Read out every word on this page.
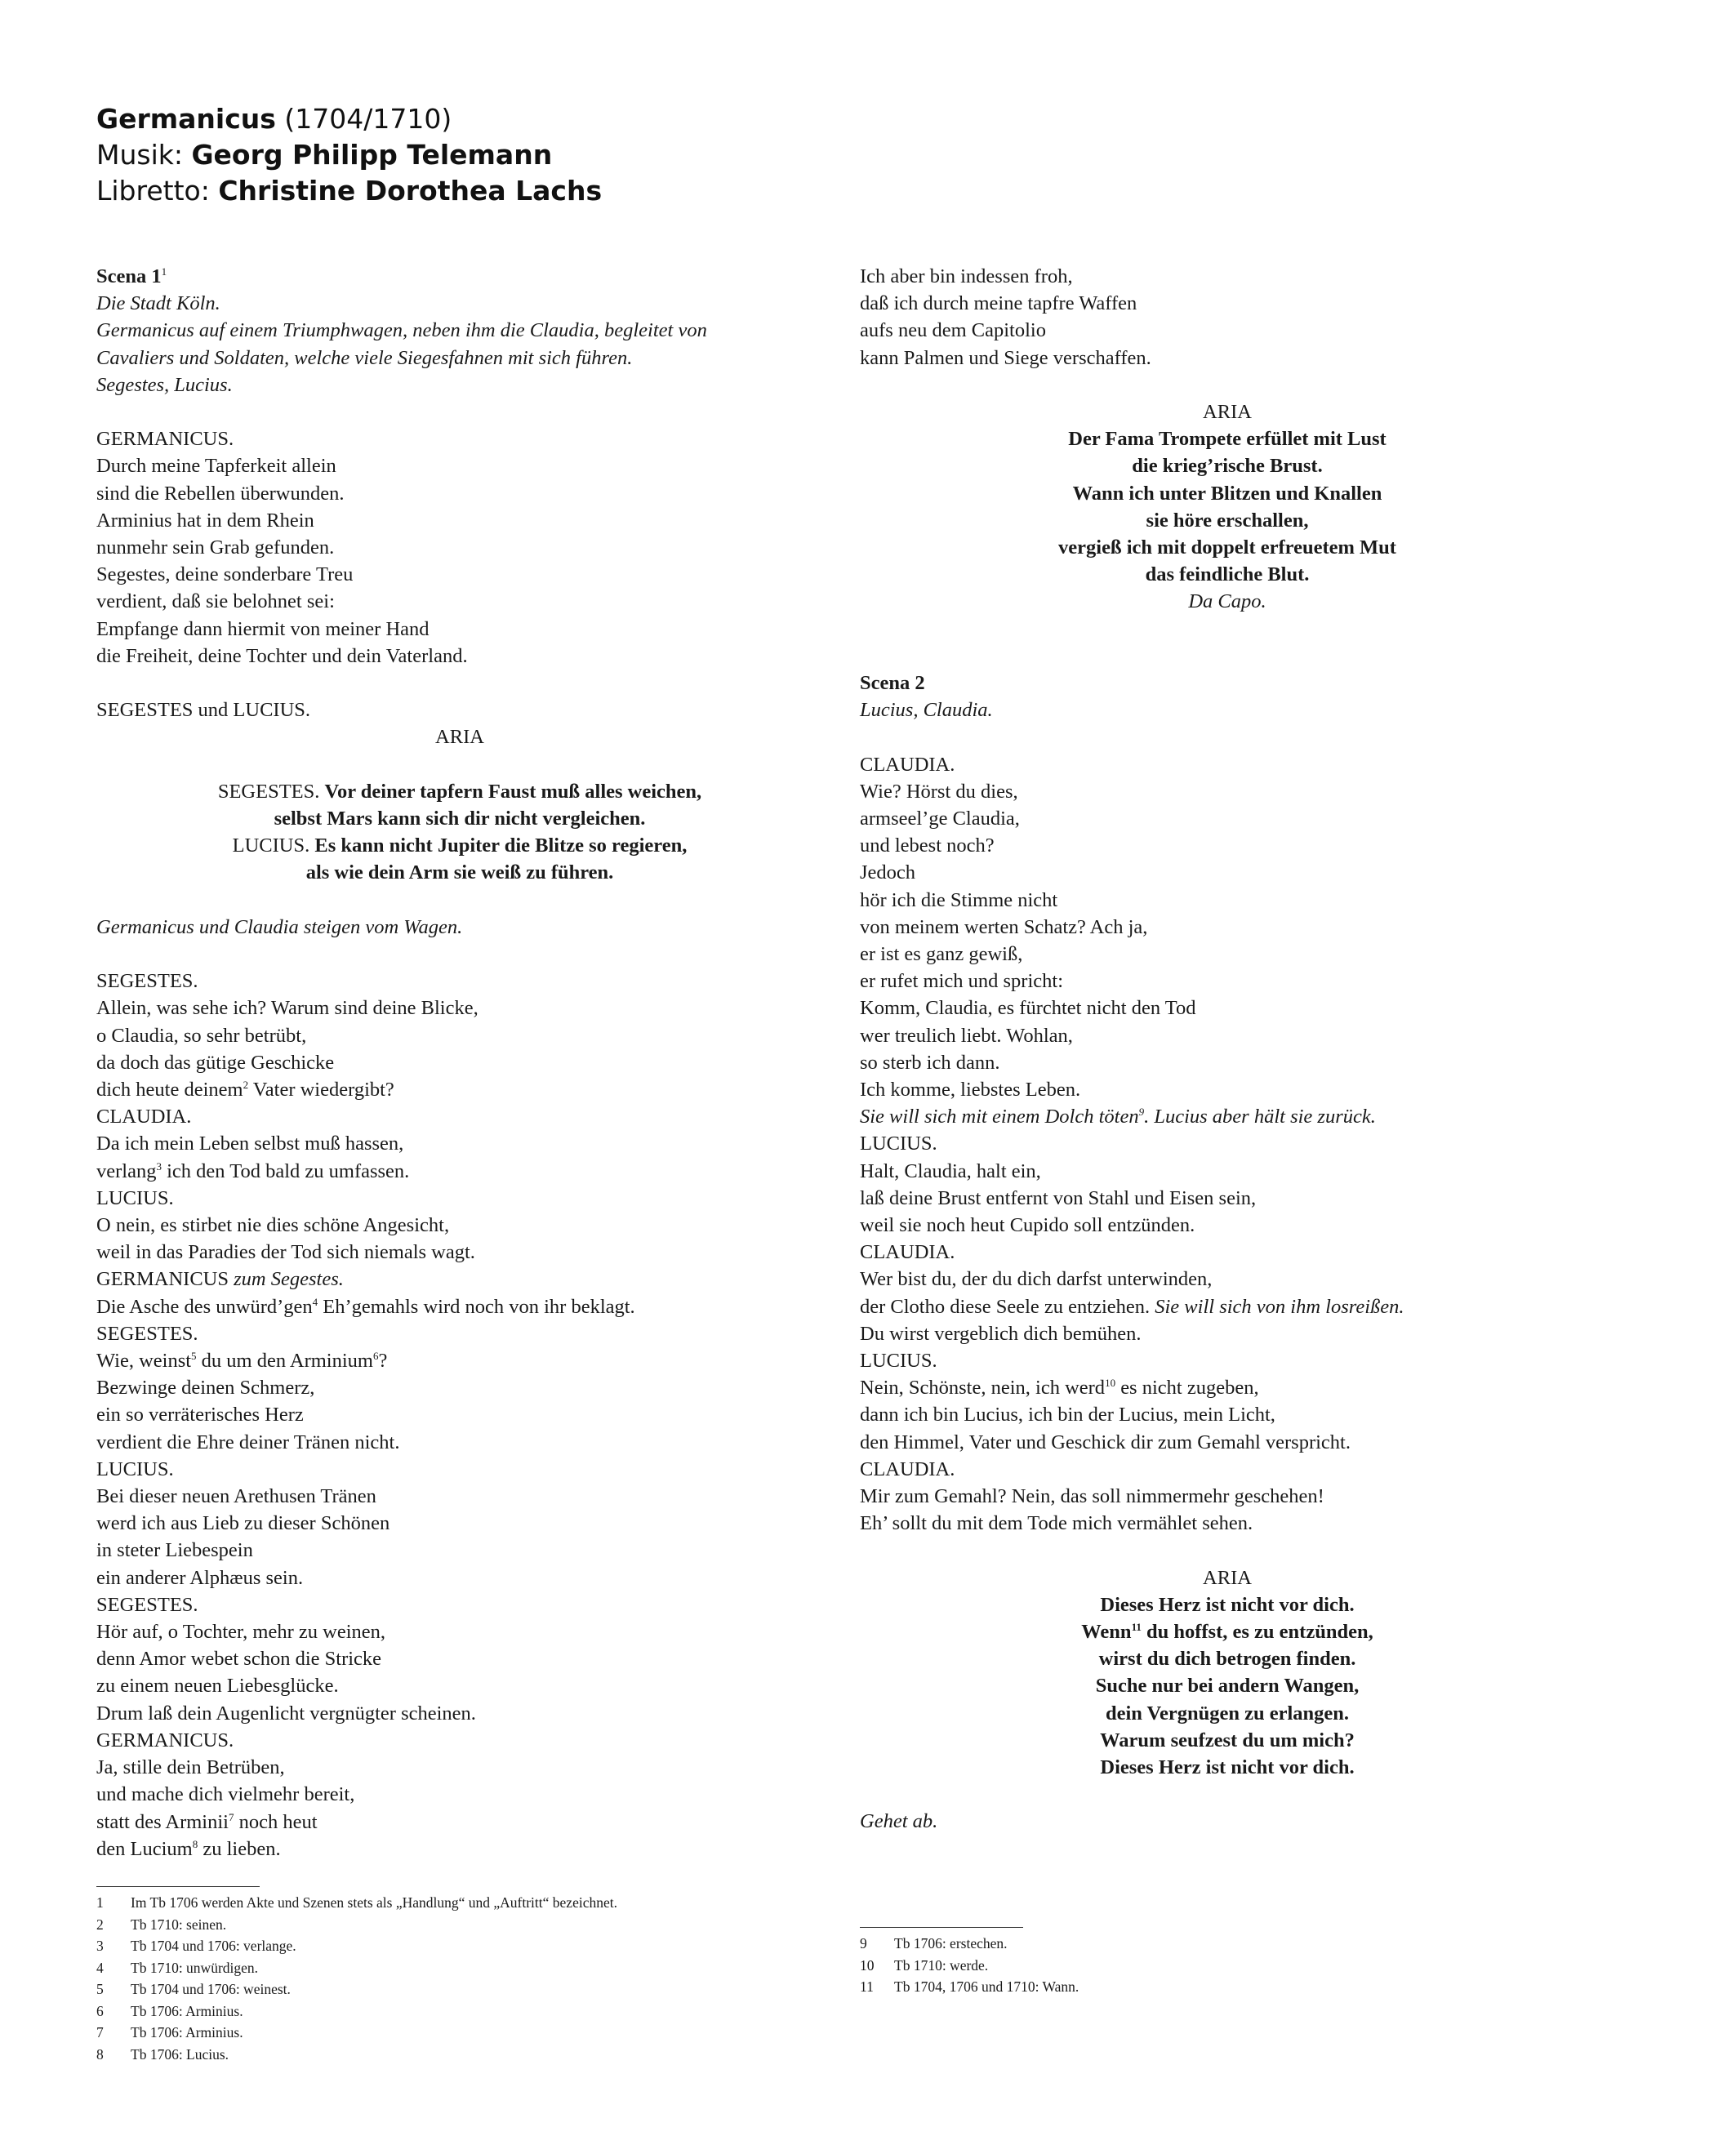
Germanicus (1704/1710)
Musik: Georg Philipp Telemann
Libretto: Christine Dorothea Lachs
Scena $1^1$
Die Stadt Köln.
Germanicus auf einem Triumphwagen, neben ihm die Claudia, begleitet von
Cavaliers und Soldaten, welche viele Siegesfahnen mit sich führen.
Segestes, Lucius.
GERMANICUS.
Durch meine Tapferkeit allein
sind die Rebellen überwunden.
Arminius hat in dem Rhein
nunmehr sein Grab gefunden.
Segestes, deine sonderbare Treu
verdient, daß sie belohnet sei:
Empfange dann hiermit von meiner Hand
die Freiheit, deine Tochter und dein Vaterland.
SEGESTES und LUCIUS.
ARIA
SEGESTES. Vor deiner tapfern Faust muß alles weichen,
selbst Mars kann sich dir nicht vergleichen.
LUCIUS. Es kann nicht Jupiter die Blitze so regieren,
als wie dein Arm sie weiß zu führen.
Germanicus und Claudia steigen vom Wagen.
SEGESTES.
Allein, was sehe ich? Warum sind deine Blicke,
o Claudia, so sehr betrübt,
da doch das gütige Geschicke
dich heute deinem$^2$ Vater wiedergibt?
CLAUDIA.
Da ich mein Leben selbst muß hassen,
verlang$^3$ ich den Tod bald zu umfassen.
LUCIUS.
O nein, es stirbet nie dies schöne Angesicht,
weil in das Paradies der Tod sich niemals wagt.
GERMANICUS zum Segestes.
Die Asche des unwürd’gen$^4$ Eh’gemahls wird noch von ihr beklagt.
SEGESTES.
Wie, weinst$^5$ du um den Arminium$^6$?
Bezwinge deinen Schmerz,
ein so verräterisches Herz
verdient die Ehre deiner Tränen nicht.
LUCIUS.
Bei dieser neuen Arethusen Tränen
werd ich aus Lieb zu dieser Schönen
in steter Liebespein
ein anderer Alphæus sein.
SEGESTES.
Hör auf, o Tochter, mehr zu weinen,
denn Amor webet schon die Stricke
zu einem neuen Liebesglücke.
Drum laß dein Augenlicht vergnügter scheinen.
GERMANICUS.
Ja, stille dein Betrüben,
und mache dich vielmehr bereit,
statt des Arminii$^7$ noch heut
den Lucium$^8$ zu lieben.
Ich aber bin indessen froh,
daß ich durch meine tapfre Waffen
aufs neu dem Capitolio
kann Palmen und Siege verschaffen.
ARIA
Der Fama Trompete erfüllet mit Lust
die krieg’rische Brust.
Wann ich unter Blitzen und Knallen
sie höre erschallen,
vergieß ich mit doppelt erfreuetem Mut
das feindliche Blut.
Da Capo.
Scena 2
Lucius, Claudia.
CLAUDIA.
Wie? Hörst du dies,
armseel’ge Claudia,
und lebest noch?
Jedoch
hör ich die Stimme nicht
von meinem werten Schatz? Ach ja,
er ist es ganz gewiß,
er rufet mich und spricht:
Komm, Claudia, es fürchtet nicht den Tod
wer treulich liebt. Wohlan,
so sterb ich dann.
Ich komme, liebstes Leben.
Sie will sich mit einem Dolch töten$^9$. Lucius aber hält sie zurück.
LUCIUS.
Halt, Claudia, halt ein,
laß deine Brust entfernt von Stahl und Eisen sein,
weil sie noch heut Cupido soll entzünden.
CLAUDIA.
Wer bist du, der du dich darfst unterwinden,
der Clotho diese Seele zu entziehen. Sie will sich von ihm losreißen.
Du wirst vergeblich dich bemühen.
LUCIUS.
Nein, Schönste, nein, ich werd$^{10}$ es nicht zugeben,
dann ich bin Lucius, ich bin der Lucius, mein Licht,
den Himmel, Vater und Geschick dir zum Gemahl verspricht.
CLAUDIA.
Mir zum Gemahl? Nein, das soll nimmermehr geschehen!
Eh’ sollt du mit dem Tode mich vermählet sehen.
ARIA
Dieses Herz ist nicht vor dich.
Wenn$^{11}$ du hoffst, es zu entzünden,
wirst du dich betrogen finden.
Suche nur bei andern Wangen,
dein Vergnügen zu erlangen.
Warum seufzest du um mich?
Dieses Herz ist nicht vor dich.
Gehet ab.
1 Im Tb 1706 werden Akte und Szenen stets als „Handlung“ und „Auftritt“ bezeichnet.
2 Tb 1710: seinen.
3 Tb 1704 und 1706: verlange.
4 Tb 1710: unwürdigen.
5 Tb 1704 und 1706: weinest.
6 Tb 1706: Arminius.
7 Tb 1706: Arminius.
8 Tb 1706: Lucius.
9 Tb 1706: erstechen.
10 Tb 1710: werde.
11 Tb 1704, 1706 und 1710: Wann.
